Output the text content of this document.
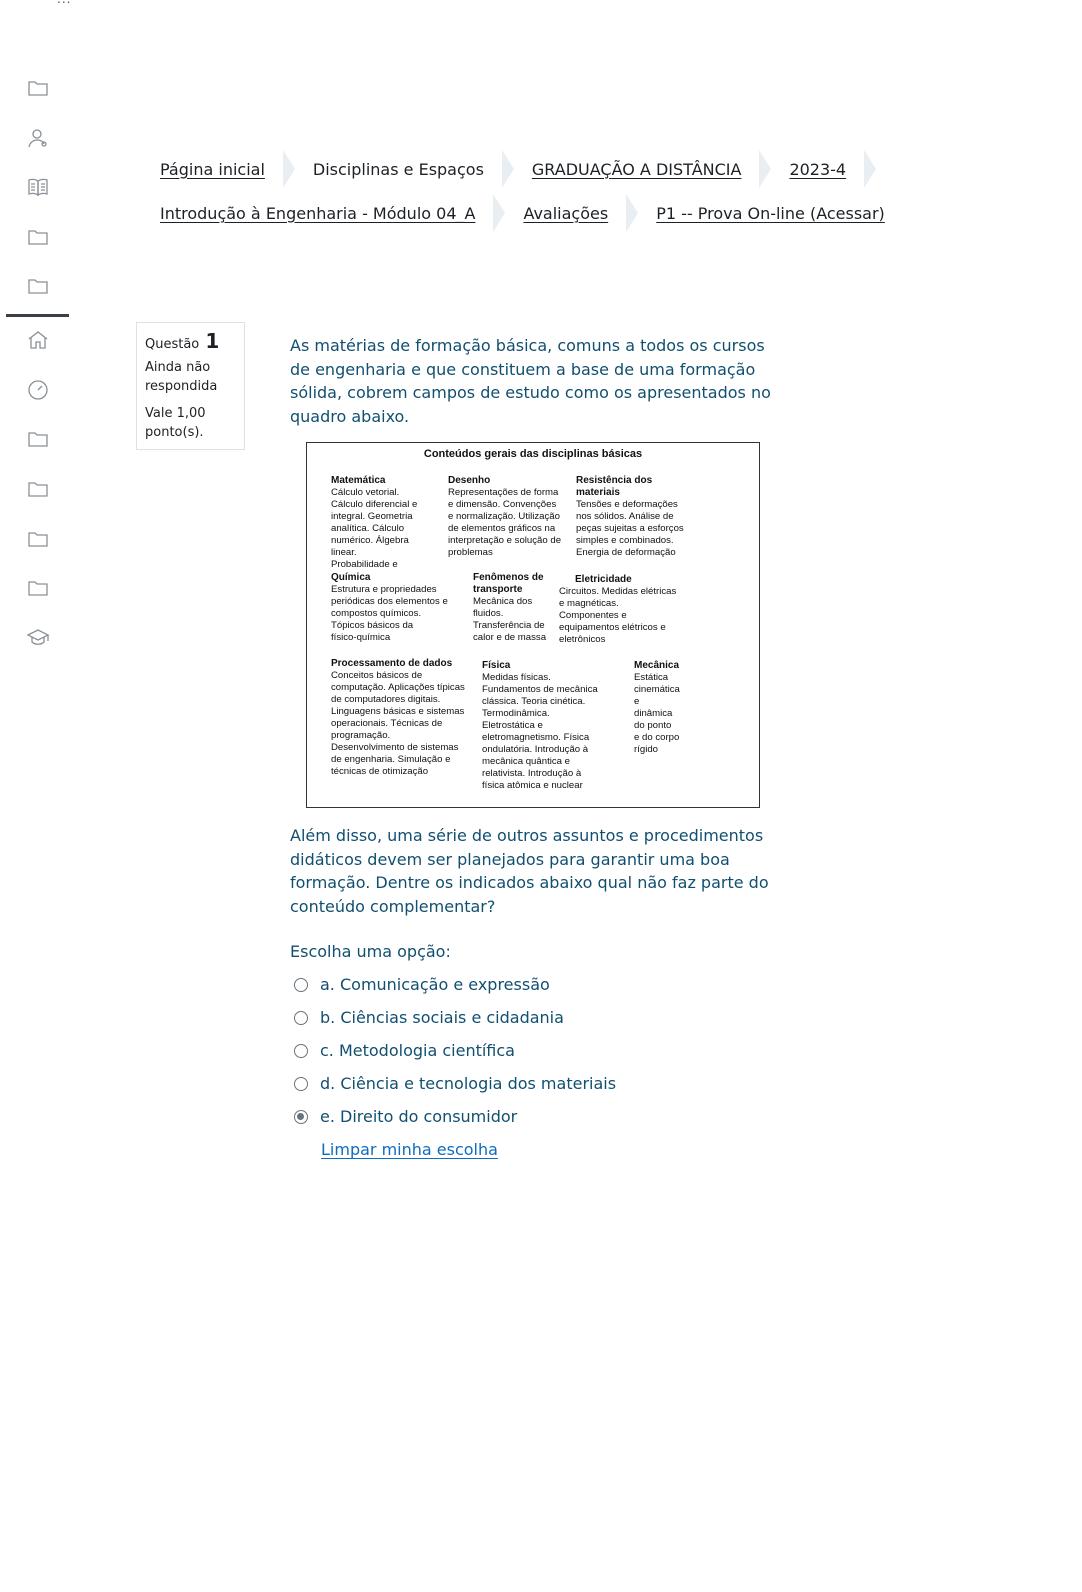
Página inicial	Disciplinas e Espaços	GRADUAÇÃO A DISTÂNCIA	2023-4
Introdução à Engenharia - Módulo 04_A	Avaliações	P1 -- Prova On-line (Acessar)
Questão 1
Ainda não respondida
Vale 1,00 ponto(s).
As matérias de formação básica, comuns a todos os cursos de engenharia e que constituem a base de uma formação sólida, cobrem campos de estudo como os apresentados no quadro abaixo.
Conteúdos gerais das disciplinas básicas
Matemática
Cálculo vetorial.
Cálculo diferencial e
integral. Geometria
analítica. Cálculo
numérico. Álgebra
linear.
Probabilidade e
Desenho
Representações de forma
e dimensão. Convenções
e normalização. Utilização
de elementos gráficos na
interpretação e solução de
problemas
Resistência dos
materiais
Tensões e deformações
nos sólidos. Análise de
peças sujeitas a esforços
simples e combinados.
Energia de deformação
Química
Estrutura e propriedades
periódicas dos elementos e
compostos químicos.
Tópicos básicos da
físico-química
Fenômenos de
transporte
Mecânica dos
fluidos.
Transferência de
calor e de massa
Eletricidade
Circuitos. Medidas elétricas
e magnéticas.
Componentes e
equipamentos elétricos e
eletrônicos
Processamento de dados
Conceitos básicos de
computação. Aplicações típicas
de computadores digitais.
Linguagens básicas e sistemas
operacionais. Técnicas de
programação.
Desenvolvimento de sistemas
de engenharia. Simulação e
técnicas de otimização
Física
Medidas físicas.
Fundamentos de mecânica
clássica. Teoria cinética.
Termodinâmica.
Eletrostática e
eletromagnetismo. Física
ondulatória. Introdução à
mecânica quântica e
relativista. Introdução à
física atômica e nuclear
Mecânica
Estática
cinemática
e
dinâmica
do ponto
e do corpo
rígido
Além disso, uma série de outros assuntos e procedimentos didáticos devem ser planejados para garantir uma boa formação. Dentre os indicados abaixo qual não faz parte do conteúdo complementar?
Escolha uma opção:
a. Comunicação e expressão
b. Ciências sociais e cidadania
c. Metodologia científica
d. Ciência e tecnologia dos materiais
e. Direito do consumidor
Limpar minha escolha
